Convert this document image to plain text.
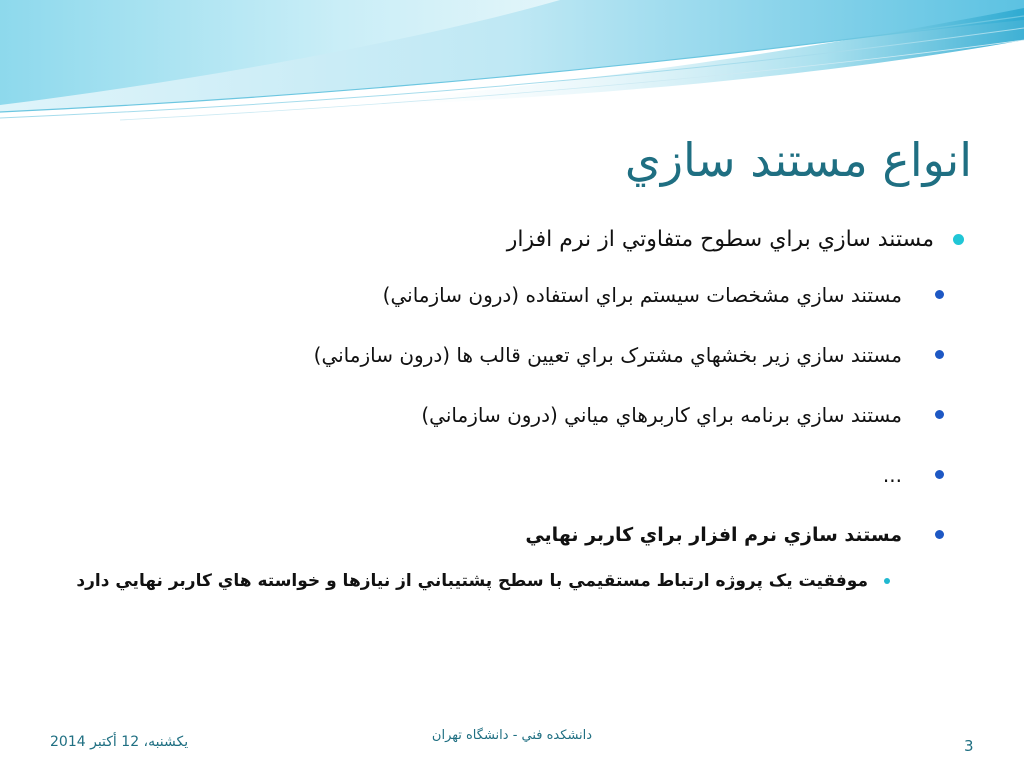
انواع مستند سازي
مستند سازي براي سطوح متفاوتي از نرم افزار
مستند سازي مشخصات سيستم براي استفاده (درون سازماني)
مستند سازي زير بخشهاي مشترک براي تعيين قالب ها (درون سازماني)
مستند سازي برنامه براي کاربرهاي مياني (درون سازماني)
...
مستند سازي نرم افزار براي کاربر نهايي
موفقيت يک پروژه ارتباط مستقيمي با سطح پشتيباني از نيازها و خواسته هاي کاربر نهايي دارد
يكشنبه، 12 أكتبر 2014	دانشکده فني - دانشگاه تهران
3
